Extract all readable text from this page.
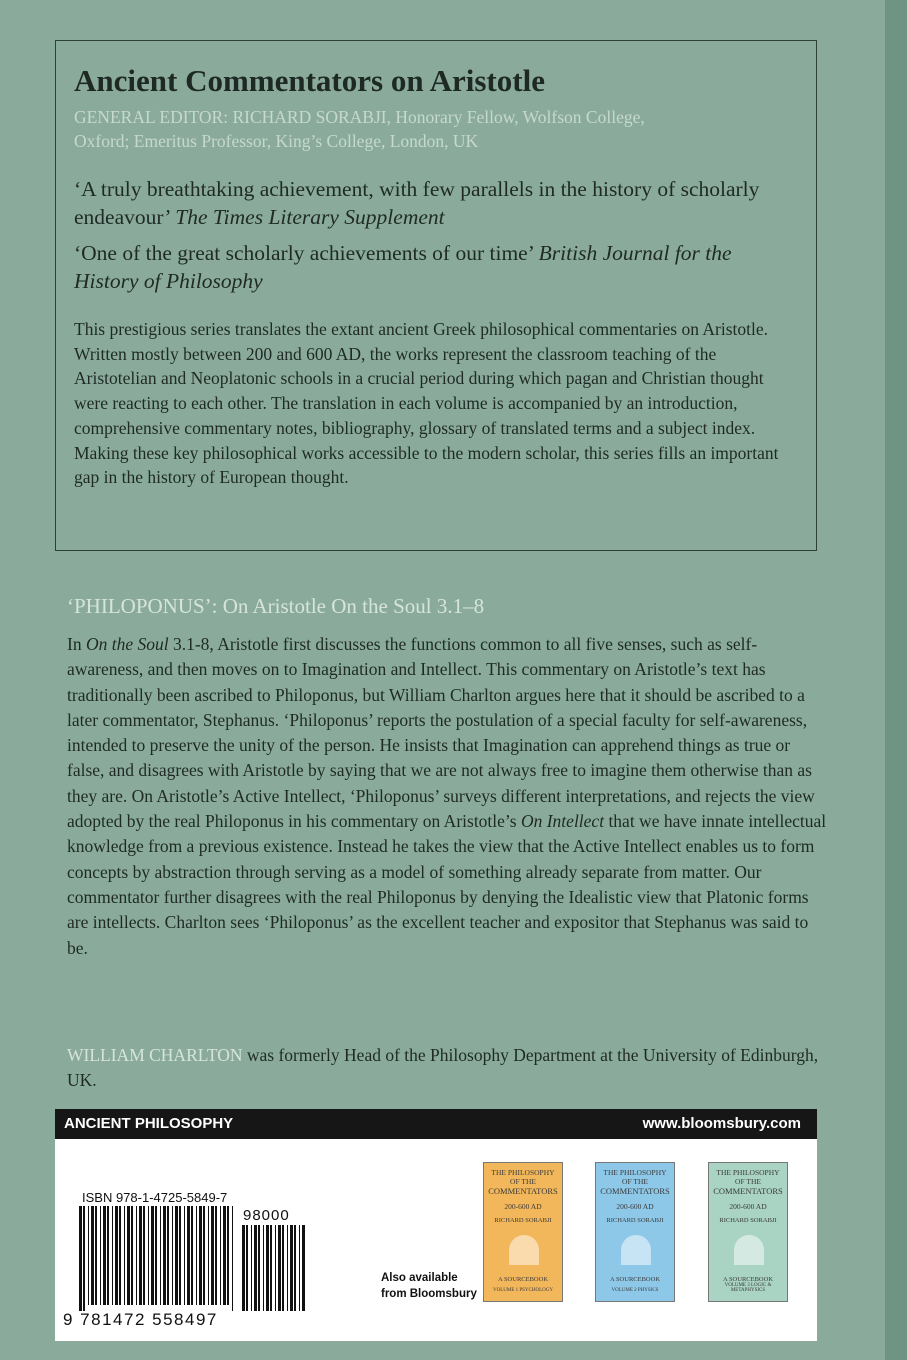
Ancient Commentators on Aristotle

GENERAL EDITOR: RICHARD SORABJI, Honorary Fellow, Wolfson College,
Oxford; Emeritus Professor, King’s College, London, UK

‘A truly breathtaking achievement, with few parallels in the history of scholarly endeavour’ The Times Literary Supplement

‘One of the great scholarly achievements of our time’ British Journal for the History of Philosophy

This prestigious series translates the extant ancient Greek philosophical commentaries on Aristotle. Written mostly between 200 and 600 AD, the works represent the classroom teaching of the Aristotelian and Neoplatonic schools in a crucial period during which pagan and Christian thought were reacting to each other. The translation in each volume is accompanied by an introduction, comprehensive commentary notes, bibliography, glossary of translated terms and a subject index. Making these key philosophical works accessible to the modern scholar, this series fills an important gap in the history of European thought.

‘PHILOPONUS’: On Aristotle On the Soul 3.1–8

In On the Soul 3.1-8, Aristotle first discusses the functions common to all five senses, such as self-awareness, and then moves on to Imagination and Intellect. This commentary on Aristotle’s text has traditionally been ascribed to Philoponus, but William Charlton argues here that it should be ascribed to a later commentator, Stephanus. ‘Philoponus’ reports the postulation of a special faculty for self-awareness, intended to preserve the unity of the person. He insists that Imagination can apprehend things as true or false, and disagrees with Aristotle by saying that we are not always free to imagine them otherwise than as they are. On Aristotle’s Active Intellect, ‘Philoponus’ surveys different interpretations, and rejects the view adopted by the real Philoponus in his commentary on Aristotle’s On Intellect that we have innate intellectual knowledge from a previous existence. Instead he takes the view that the Active Intellect enables us to form concepts by abstraction through serving as a model of something already separate from matter. Our commentator further disagrees with the real Philoponus by denying the Idealistic view that Platonic forms are intellects. Charlton sees ‘Philoponus’ as the excellent teacher and expositor that Stephanus was said to be.

WILLIAM CHARLTON was formerly Head of the Philosophy Department at the University of Edinburgh, UK.

ANCIENT PHILOSOPHY	www.bloomsbury.com
ISBN 978-1-4725-5849-7
98000
9 781472 558497
Also available
from Bloomsbury
THE PHILOSOPHY OF THE
COMMENTATORS
200-600 AD
RICHARD SORABJI
A SOURCEBOOK
VOLUME 1 PSYCHOLOGY
THE PHILOSOPHY OF THE
COMMENTATORS
200-600 AD
RICHARD SORABJI
A SOURCEBOOK
VOLUME 2 PHYSICS
THE PHILOSOPHY OF THE
COMMENTATORS
200-600 AD
RICHARD SORABJI
A SOURCEBOOK
VOLUME 3 LOGIC & METAPHYSICS
